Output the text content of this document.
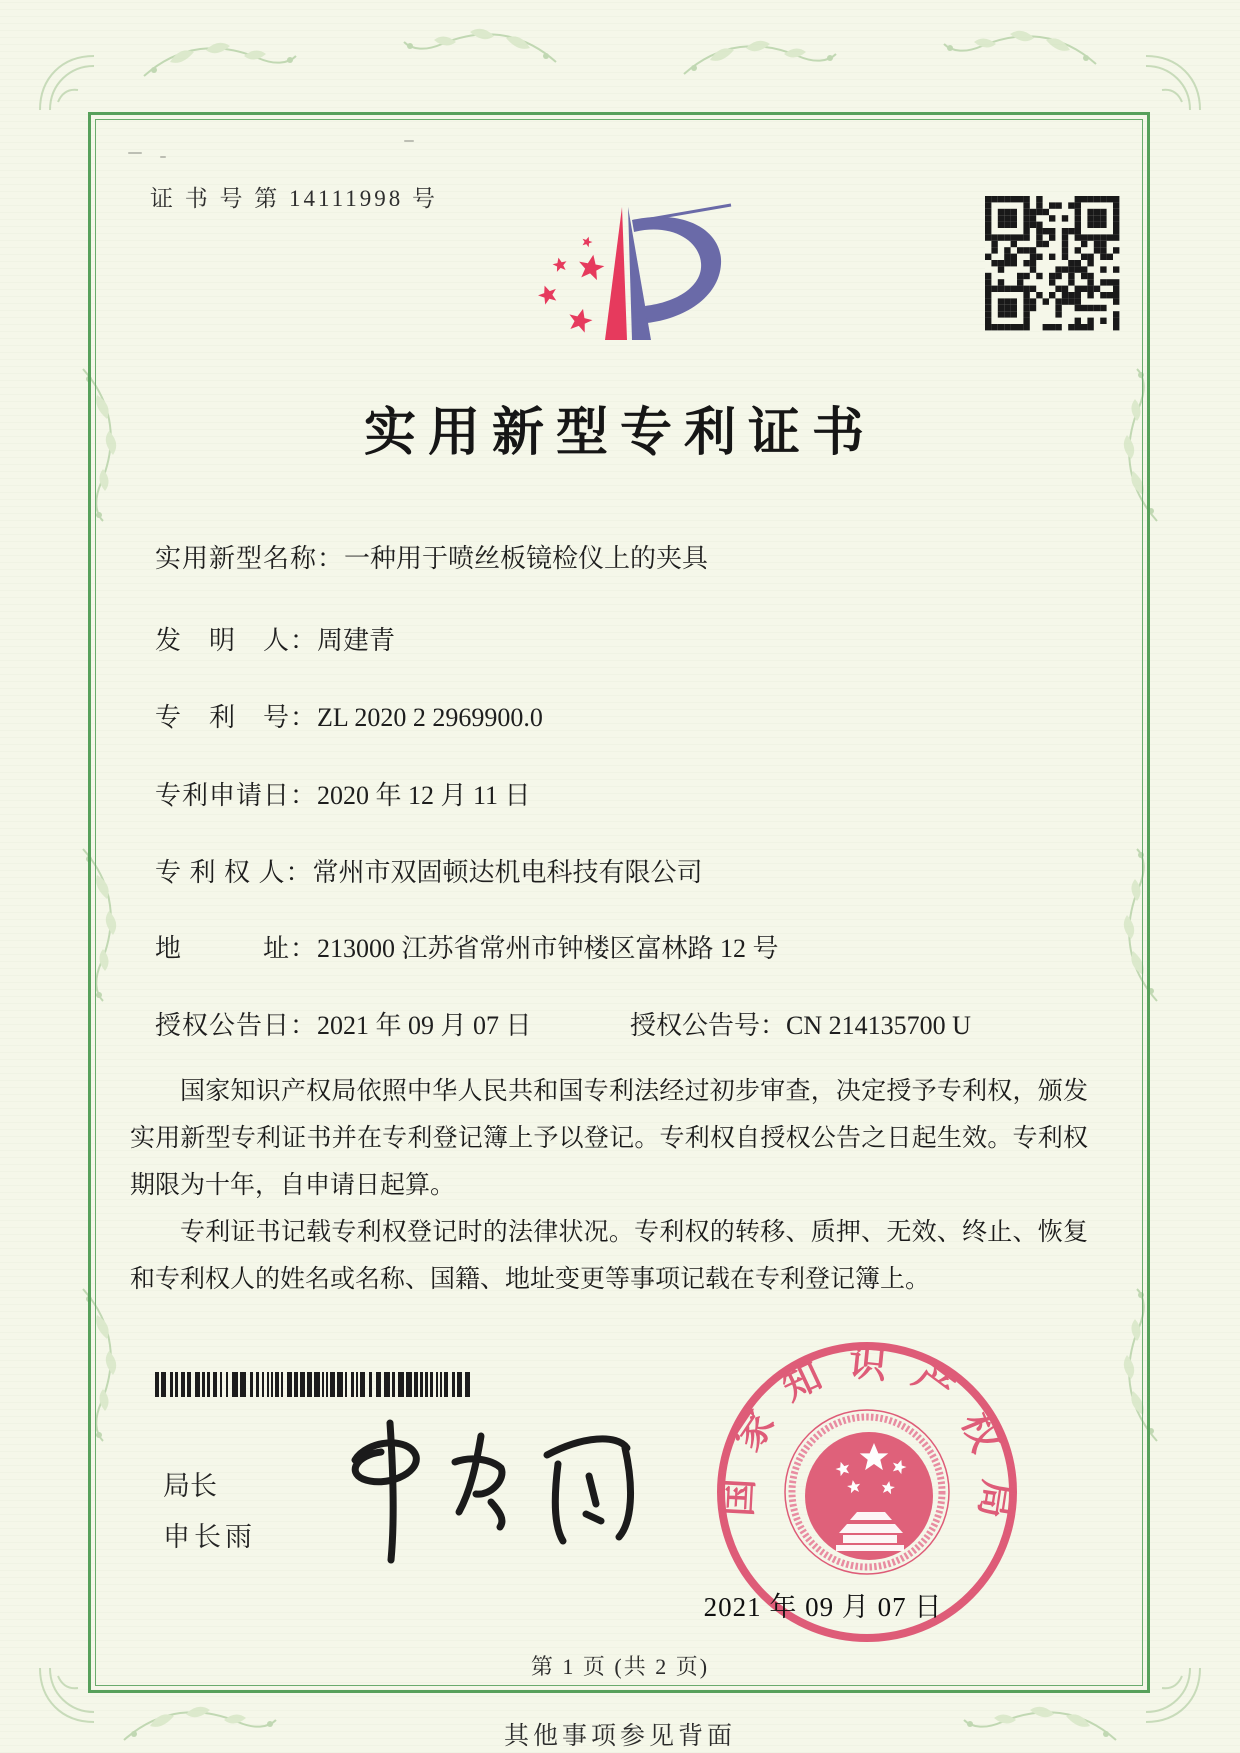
证 书 号 第 14111998 号
实用新型专利证书
实用新型名称：一种用于喷丝板镜检仪上的夹具
发　明　人：周建青
专　利　号：ZL 2020 2 2969900.0
专利申请日：2020 年 12 月 11 日
专 利 权 人：常州市双固顿达机电科技有限公司
地　　　址：213000 江苏省常州市钟楼区富林路 12 号
授权公告日：2021 年 09 月 07 日	授权公告号：CN 214135700 U

国家知识产权局依照中华人民共和国专利法经过初步审查，决定授予专利权，颁发实用新型专利证书并在专利登记簿上予以登记。专利权自授权公告之日起生效。专利权期限为十年，自申请日起算。

专利证书记载专利权登记时的法律状况。专利权的转移、质押、无效、终止、恢复和专利权人的姓名或名称、国籍、地址变更等事项记载在专利登记簿上。

局长
申长雨
国家知识产权局
2021 年 09 月 07 日
第 1 页 (共 2 页)
其他事项参见背面
